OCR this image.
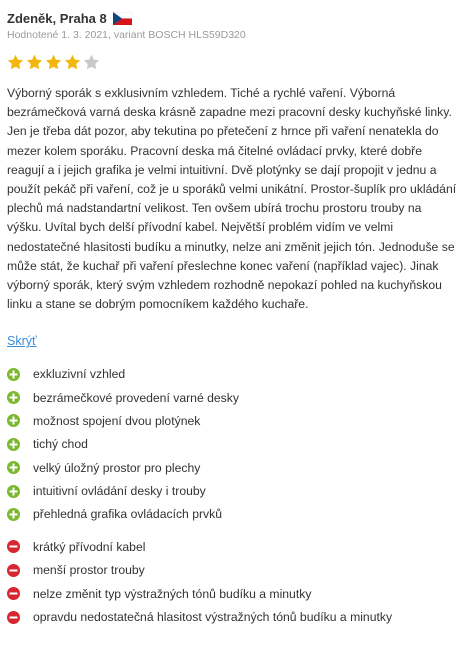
Zdeněk, Praha 8
Hodnotené 1. 3. 2021, variant BOSCH HLS59D320
Výborný sporák s exklusivním vzhledem. Tiché a rychlé vaření. Výborná bezrámečková varná deska krásně zapadne mezi pracovní desky kuchyňské linky. Jen je třeba dát pozor, aby tekutina po přetečení z hrnce při vaření nenatekla do mezer kolem sporáku. Pracovní deska má čitelné ovládací prvky, které dobře reagují a i jejich grafika je velmi intuitivní. Dvě plotýnky se dají propojit v jednu a použít pekáč při vaření, což je u sporáků velmi unikátní. Prostor-šuplík pro ukládání plechů má nadstandartní velikost. Ten ovšem ubírá trochu prostoru trouby na výšku. Uvítal bych delší přívodní kabel. Největší problém vidím ve velmi nedostatečné hlasitosti budíku a minutky, nelze ani změnit jejich tón. Jednoduše se může stát, že kuchař při vaření přeslechne konec vaření (například vajec). Jinak výborný sporák, který svým vzhledem rozhodně nepokazí pohled na kuchyňskou linku a stane se dobrým pomocníkem každého kuchaře.
Skrýť
exkluzivní vzhled
bezrámečkové provedení varné desky
možnost spojení dvou plotýnek
tichý chod
velký úložný prostor pro plechy
intuitivní ovládání desky i trouby
přehledná grafika ovládacích prvků
krátký přívodní kabel
menší prostor trouby
nelze změnit typ výstražných tónů budíku a minutky
opravdu nedostatečná hlasitost výstražných tónů budíku a minutky
